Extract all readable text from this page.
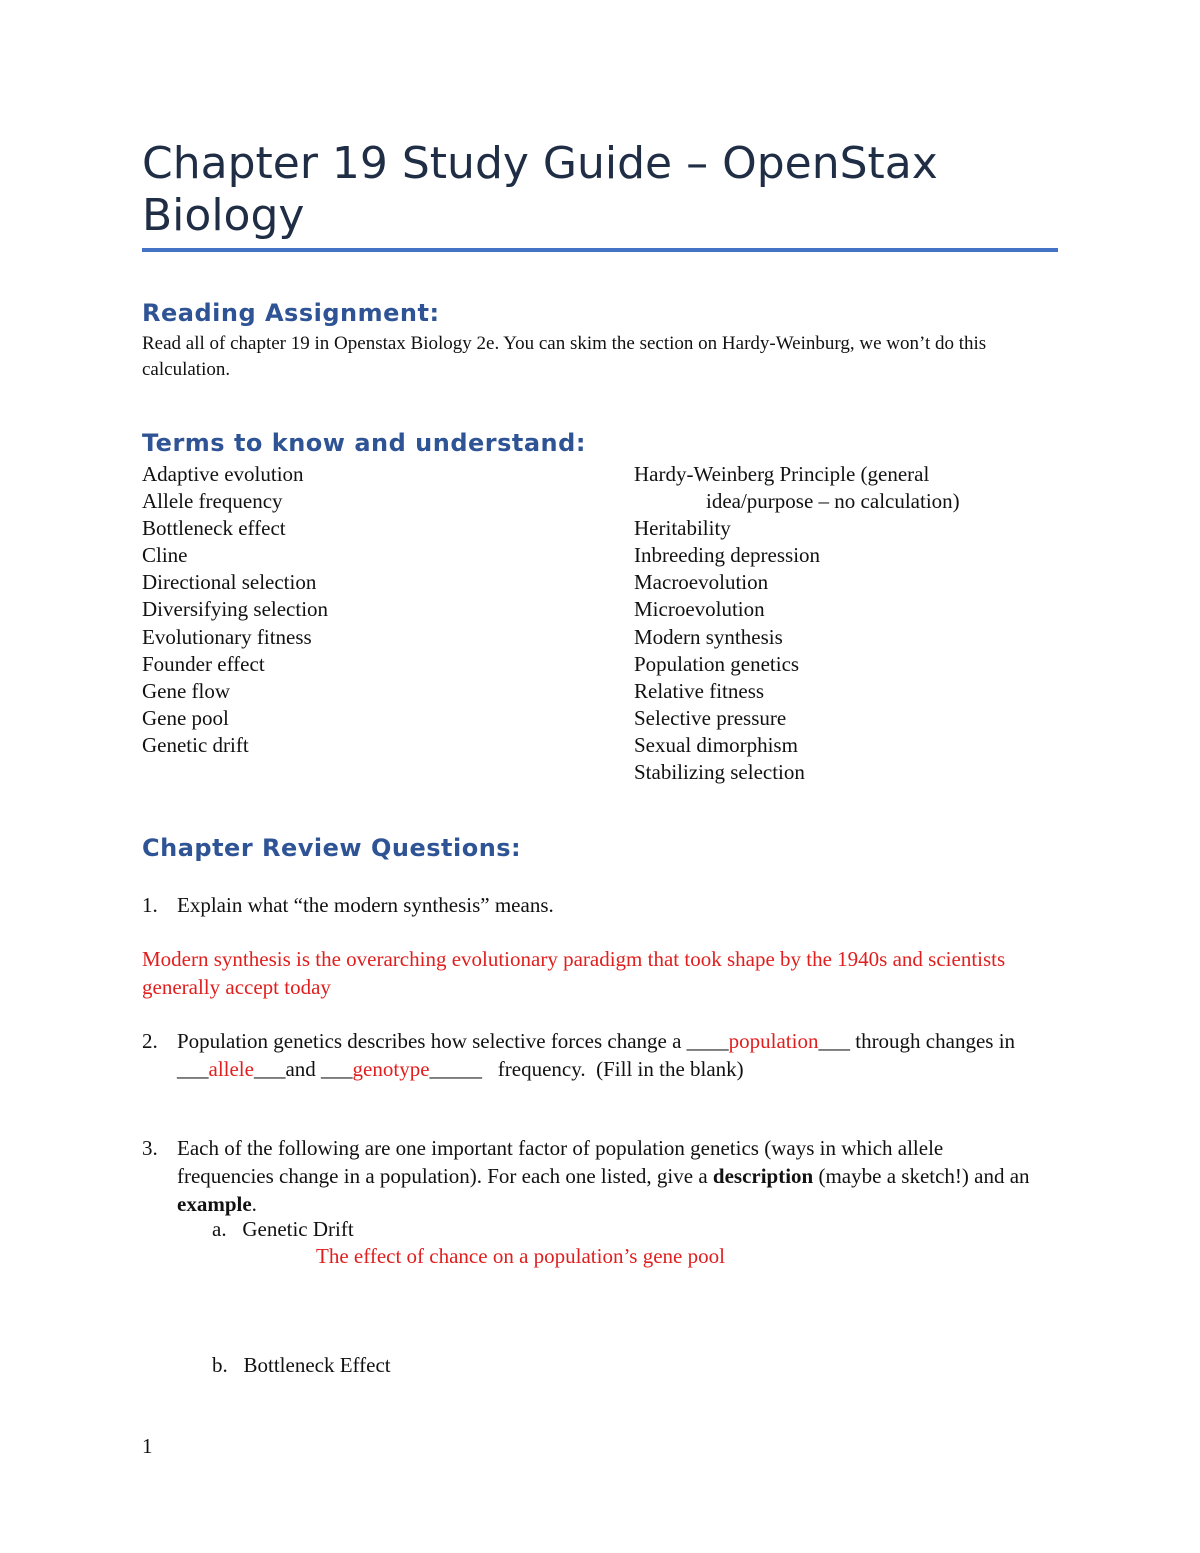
Chapter 19 Study Guide – OpenStax Biology
Reading Assignment:

Read all of chapter 19 in Openstax Biology 2e. You can skim the section on Hardy-Weinburg, we won’t do this calculation.

Terms to know and understand:
Adaptive evolution
Allele frequency
Bottleneck effect
Cline
Directional selection
Diversifying selection
Evolutionary fitness
Founder effect
Gene flow
Gene pool
Genetic drift
Hardy-Weinberg Principle (general
idea/purpose – no calculation)
Heritability
Inbreeding depression
Macroevolution
Microevolution
Modern synthesis
Population genetics
Relative fitness
Selective pressure
Sexual dimorphism
Stabilizing selection
Chapter Review Questions:
1. Explain what “the modern synthesis” means.

Modern synthesis is the overarching evolutionary paradigm that took shape by the 1940s and scientists generally accept today

2. Population genetics describes how selective forces change a ____population___ through changes in ___allele___and ___genotype_____   frequency.  (Fill in the blank)
3. Each of the following are one important factor of population genetics (ways in which allele frequencies change in a population). For each one listed, give a description (maybe a sketch!) and an example.

a. Genetic Drift

The effect of chance on a population’s gene pool

b. Bottleneck Effect

1
